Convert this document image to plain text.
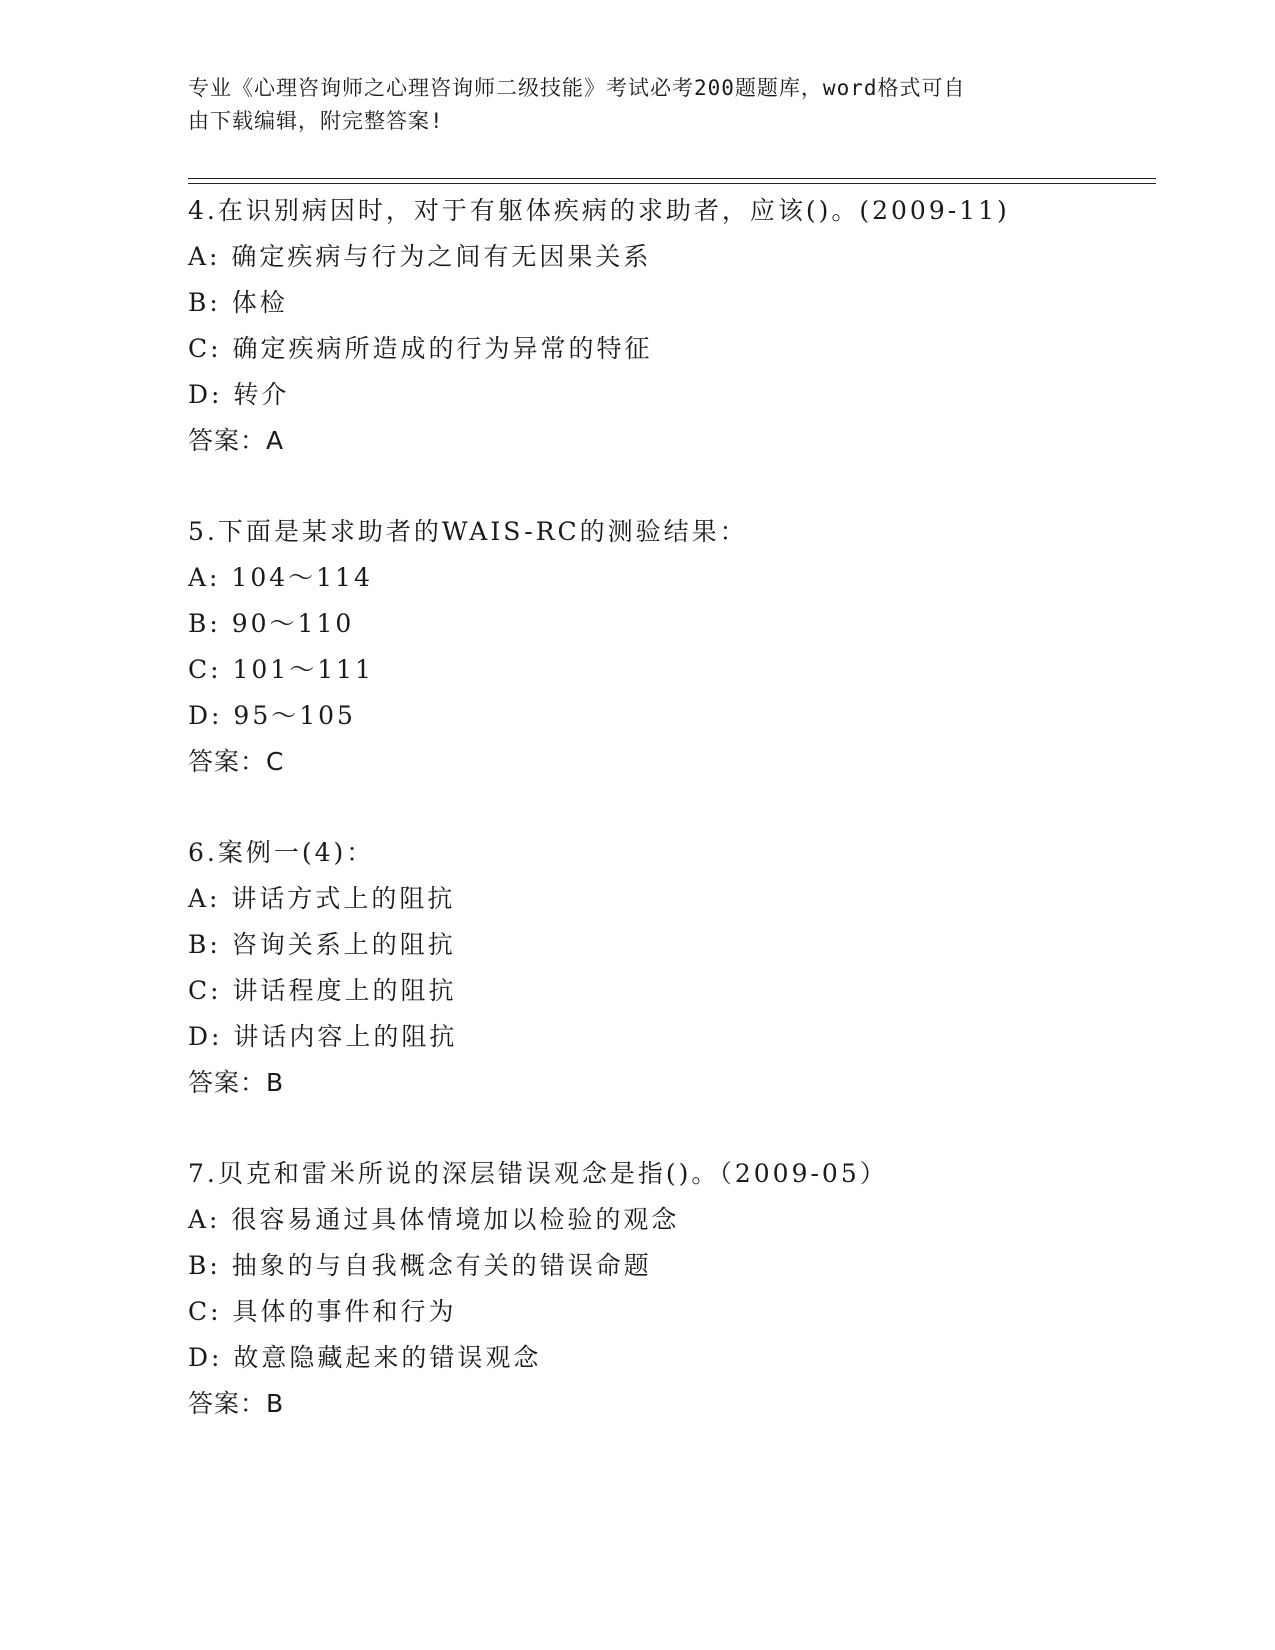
专业《心理咨询师之心理咨询师二级技能》考试必考200题题库，word格式可自
由下载编辑，附完整答案!
4.在识别病因时，对于有躯体疾病的求助者，应该()。(2009-11)
A: 确定疾病与行为之间有无因果关系
B: 体检
C: 确定疾病所造成的行为异常的特征
D: 转介
答案：A
5.下面是某求助者的WAIS-RC的测验结果：
A: 104～114
B: 90～110
C: 101～111
D: 95～105
答案：C
6.案例一(4)：
A: 讲话方式上的阻抗
B: 咨询关系上的阻抗
C: 讲话程度上的阻抗
D: 讲话内容上的阻抗
答案：B
7.贝克和雷米所说的深层错误观念是指()。（2009-05）
A: 很容易通过具体情境加以检验的观念
B: 抽象的与自我概念有关的错误命题
C: 具体的事件和行为
D: 故意隐藏起来的错误观念
答案：B
